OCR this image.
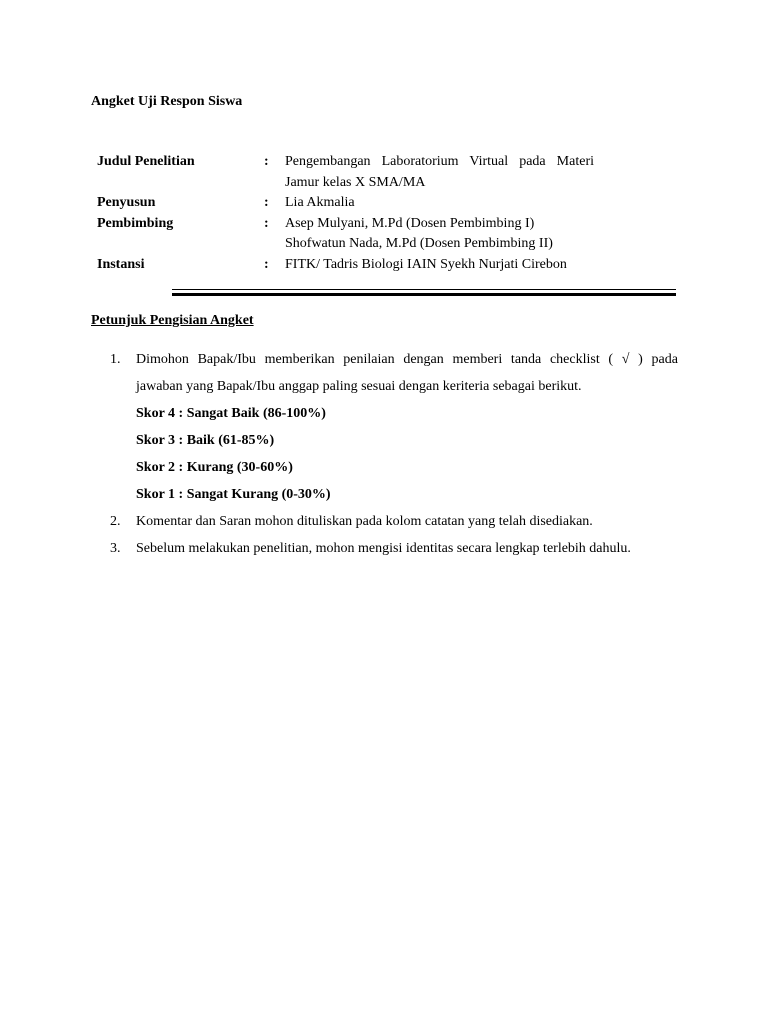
Angket Uji Respon Siswa
Judul Penelitian	:	Pengembangan Laboratorium Virtual pada Materi
Jamur kelas X SMA/MA
Penyusun	:	Lia Akmalia
Pembimbing	:	Asep Mulyani, M.Pd (Dosen Pembimbing I)
Shofwatun Nada, M.Pd (Dosen Pembimbing II)
Instansi	:	FITK/ Tadris Biologi IAIN Syekh Nurjati Cirebon
Petunjuk Pengisian Angket
1.	Dimohon Bapak/Ibu memberikan penilaian dengan memberi tanda checklist ( √ ) pada
jawaban yang Bapak/Ibu anggap paling sesuai dengan keriteria sebagai berikut.
Skor 4 : Sangat Baik (86-100%)
Skor 3 : Baik (61-85%)
Skor 2 : Kurang (30-60%)
Skor 1 : Sangat Kurang (0-30%)
2.	Komentar dan Saran mohon dituliskan pada kolom catatan yang telah disediakan.
3.	Sebelum melakukan penelitian, mohon mengisi identitas secara lengkap terlebih dahulu.
